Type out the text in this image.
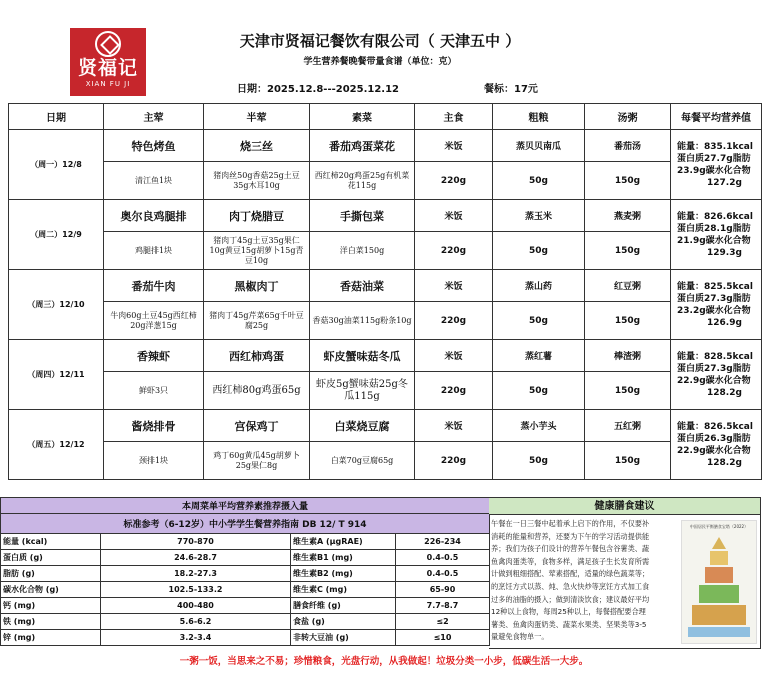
贤福记
XIAN FU JI
天津市贤福记餐饮有限公司（ 天津五中 ）
学生营养餐晚餐带量食谱（单位：克）
日期：2025.12.8---2025.12.12	餐标：17元
日期	主荤	半荤	素菜	主食	粗粮	汤粥	每餐平均营养值
（周一）12/8	特色烤鱼	烧三丝	番茄鸡蛋菜花	米饭	蒸贝贝南瓜	番茄汤	能量：835.1kcal
蛋白质27.7g脂肪
23.9g碳水化合物
127.2g

	清江鱼1块	猪肉丝50g香菇25g土豆35g木耳10g	西红柿20g鸡蛋25g有机菜花115g	220g	50g	150g	
（周二）12/9	奥尔良鸡腿排	肉丁烧腊豆	手撕包菜	米饭	蒸玉米	燕麦粥	能量：826.6kcal
蛋白质28.1g脂肪
21.9g碳水化合物
129.3g

	鸡腿排1块	猪肉丁45g土豆35g果仁10g黄豆15g胡萝卜15g青豆10g	洋白菜150g	220g	50g	150g	
（周三）12/10	番茄牛肉	黑椒肉丁	香菇油菜	米饭	蒸山药	红豆粥	能量：825.5kcal
蛋白质27.3g脂肪
23.2g碳水化合物
126.9g

	牛肉60g土豆45g西红柿20g洋葱15g	猪肉丁45g芹菜65g千叶豆腐25g	香菇30g油菜115g粉条10g	220g	50g	150g	
（周四）12/11	香辣虾	西红柿鸡蛋	虾皮蟹味菇冬瓜	米饭	蒸红薯	棒渣粥	能量：828.5kcal
蛋白质27.3g脂肪
22.9g碳水化合物
128.2g

	鲜虾3只	西红柿80g鸡蛋65g	虾皮5g蟹味菇25g冬瓜115g	220g	50g	150g	
（周五）12/12	酱烧排骨	宫保鸡丁	白菜烧豆腐	米饭	蒸小芋头	五红粥	能量：826.5kcal
蛋白质26.3g脂肪
22.9g碳水化合物
128.2g

	颈排1块	鸡丁60g黄瓜45g胡萝卜25g果仁8g	白菜70g豆腐65g	220g	50g	150g	
本周菜单平均营养素推荐摄入量			
标准参考（6-12岁）中小学学生餐营养指南 DB 12/ T 914			
能量 (kcal)	770-870	维生素A (μgRAE)	226-234
蛋白质 (g)	24.6-28.7	维生素B1 (mg)	0.4-0.5
脂肪 (g)	18.2-27.3	维生素B2 (mg)	0.4-0.5
碳水化合物 (g)	102.5-133.2	维生素C (mg)	65-90
钙 (mg)	400-480	膳食纤维 (g)	7.7-8.7
铁 (mg)	5.6-6.2	食盐 (g)	≤2
锌 (mg)	3.2-3.4	非转大豆油 (g)	≤10
健康膳食建议
午餐在一日三餐中起着承上启下的作用，不仅要补
消耗的能量和营养，还要为下午的学习活动提供能
养；我们为孩子们设计的营养午餐包含谷薯类、蔬
鱼禽肉蛋类等，食物多样，满足孩子生长发育所需
计做到粗细搭配、荤素搭配，适量的绿色蔬菜等；
的烹饪方式以蒸、炖、急火快炒等烹饪方式加工食
过多的油脂的摄入；做到清淡饮食；建议最好平均
12种以上食物，每周25种以上，每餐搭配要合理
薯类、鱼禽肉蛋奶类、蔬菜水果类、坚果类等3-5
量避免食物单一。
中国居民平衡膳食宝塔（2022）
一粥一饭，当思来之不易；珍惜粮食，光盘行动，从我做起！垃圾分类一小步，低碳生活一大步。
